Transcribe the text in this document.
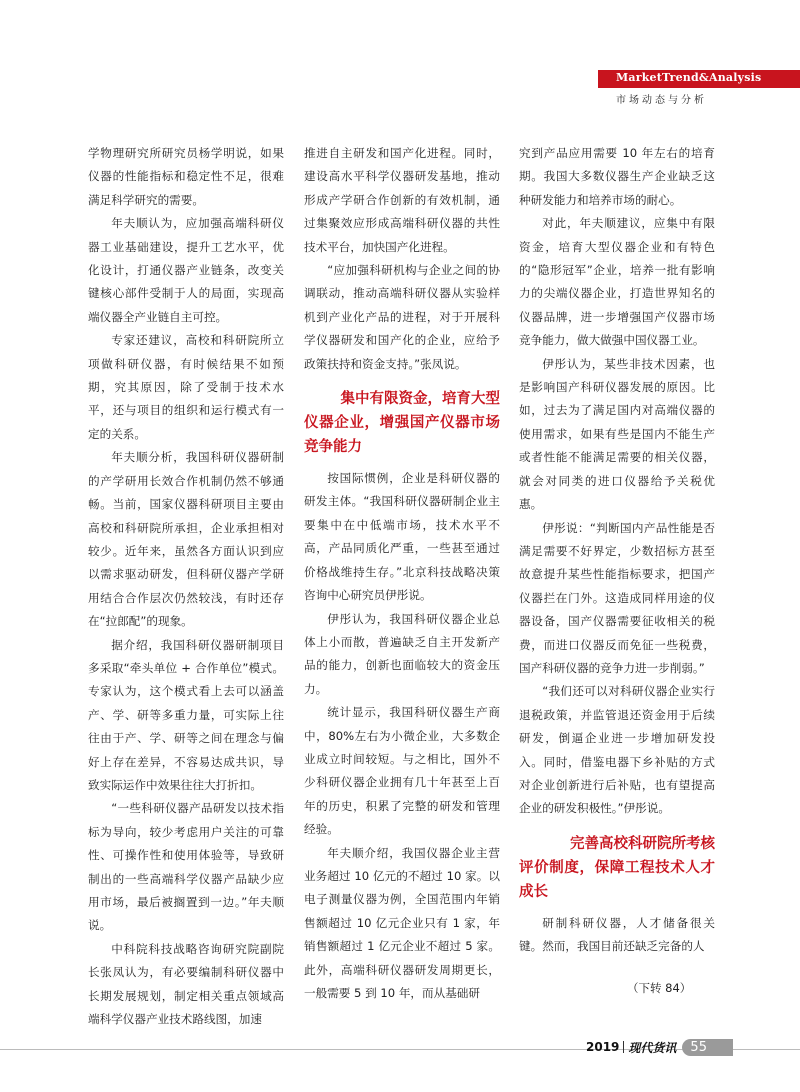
MarketTrend&Analysis
市场动态与分析

学物理研究所研究员杨学明说，如果仪器的性能指标和稳定性不足，很难满足科学研究的需要。

年夫顺认为，应加强高端科研仪器工业基础建设，提升工艺水平，优化设计，打通仪器产业链条，改变关键核心部件受制于人的局面，实现高端仪器全产业链自主可控。

专家还建议，高校和科研院所立项做科研仪器，有时候结果不如预期，究其原因，除了受制于技术水平，还与项目的组织和运行模式有一定的关系。

年夫顺分析，我国科研仪器研制的产学研用长效合作机制仍然不够通畅。当前，国家仪器科研项目主要由高校和科研院所承担，企业承担相对较少。近年来，虽然各方面认识到应以需求驱动研发，但科研仪器产学研用结合合作层次仍然较浅，有时还存在“拉郎配”的现象。

据介绍，我国科研仪器研制项目多采取“牵头单位 + 合作单位”模式。专家认为，这个模式看上去可以涵盖产、学、研等多重力量，可实际上往往由于产、学、研等之间在理念与偏好上存在差异，不容易达成共识，导致实际运作中效果往往大打折扣。

“一些科研仪器产品研发以技术指标为导向，较少考虑用户关注的可靠性、可操作性和使用体验等，导致研制出的一些高端科学仪器产品缺少应用市场，最后被搁置到一边。”年夫顺说。

中科院科技战略咨询研究院副院长张凤认为，有必要编制科研仪器中长期发展规划，制定相关重点领域高端科学仪器产业技术路线图，加速

推进自主研发和国产化进程。同时，建设高水平科学仪器研发基地，推动形成产学研合作创新的有效机制，通过集聚效应形成高端科研仪器的共性技术平台，加快国产化进程。

“应加强科研机构与企业之间的协调联动，推动高端科研仪器从实验样机到产业化产品的进程，对于开展科学仪器研发和国产化的企业，应给予政策扶持和资金支持。”张凤说。

集中有限资金，培育大型
仪器企业，增强国产仪器市场竞争能力

按国际惯例，企业是科研仪器的研发主体。“我国科研仪器研制企业主要集中在中低端市场，技术水平不高，产品同质化严重，一些甚至通过价格战维持生存。”北京科技战略决策咨询中心研究员伊彤说。

伊彤认为，我国科研仪器企业总体上小而散，普遍缺乏自主开发新产品的能力，创新也面临较大的资金压力。

统计显示，我国科研仪器生产商中，80%左右为小微企业，大多数企业成立时间较短。与之相比，国外不少科研仪器企业拥有几十年甚至上百年的历史，积累了完整的研发和管理经验。

年夫顺介绍，我国仪器企业主营业务超过 10 亿元的不超过 10 家。以电子测量仪器为例，全国范围内年销售额超过 10 亿元企业只有 1 家，年销售额超过 1 亿元企业不超过 5 家。此外，高端科研仪器研发周期更长，一般需要 5 到 10 年，而从基础研

究到产品应用需要 10 年左右的培育期。我国大多数仪器生产企业缺乏这种研发能力和培养市场的耐心。

对此，年夫顺建议，应集中有限资金，培育大型仪器企业和有特色的“隐形冠军”企业，培养一批有影响力的尖端仪器企业，打造世界知名的仪器品牌，进一步增强国产仪器市场竞争能力，做大做强中国仪器工业。

伊彤认为，某些非技术因素，也是影响国产科研仪器发展的原因。比如，过去为了满足国内对高端仪器的使用需求，如果有些是国内不能生产或者性能不能满足需要的相关仪器，就会对同类的进口仪器给予关税优惠。

伊彤说：“判断国内产品性能是否满足需要不好界定，少数招标方甚至故意提升某些性能指标要求，把国产仪器拦在门外。这造成同样用途的仪器设备，国产仪器需要征收相关的税费，而进口仪器反而免征一些税费，国产科研仪器的竞争力进一步削弱。”

“我们还可以对科研仪器企业实行退税政策，并监管退还资金用于后续研发，倒逼企业进一步增加研发投入。同时，借鉴电器下乡补贴的方式对企业创新进行后补贴，也有望提高企业的研发积极性。”伊彤说。

完善高校科研院所考核
评价制度，保障工程技术人才成长

研制科研仪器，人才储备很关键。然而，我国目前还缺乏完备的人

（下转 84）
2019 现代货讯	55
